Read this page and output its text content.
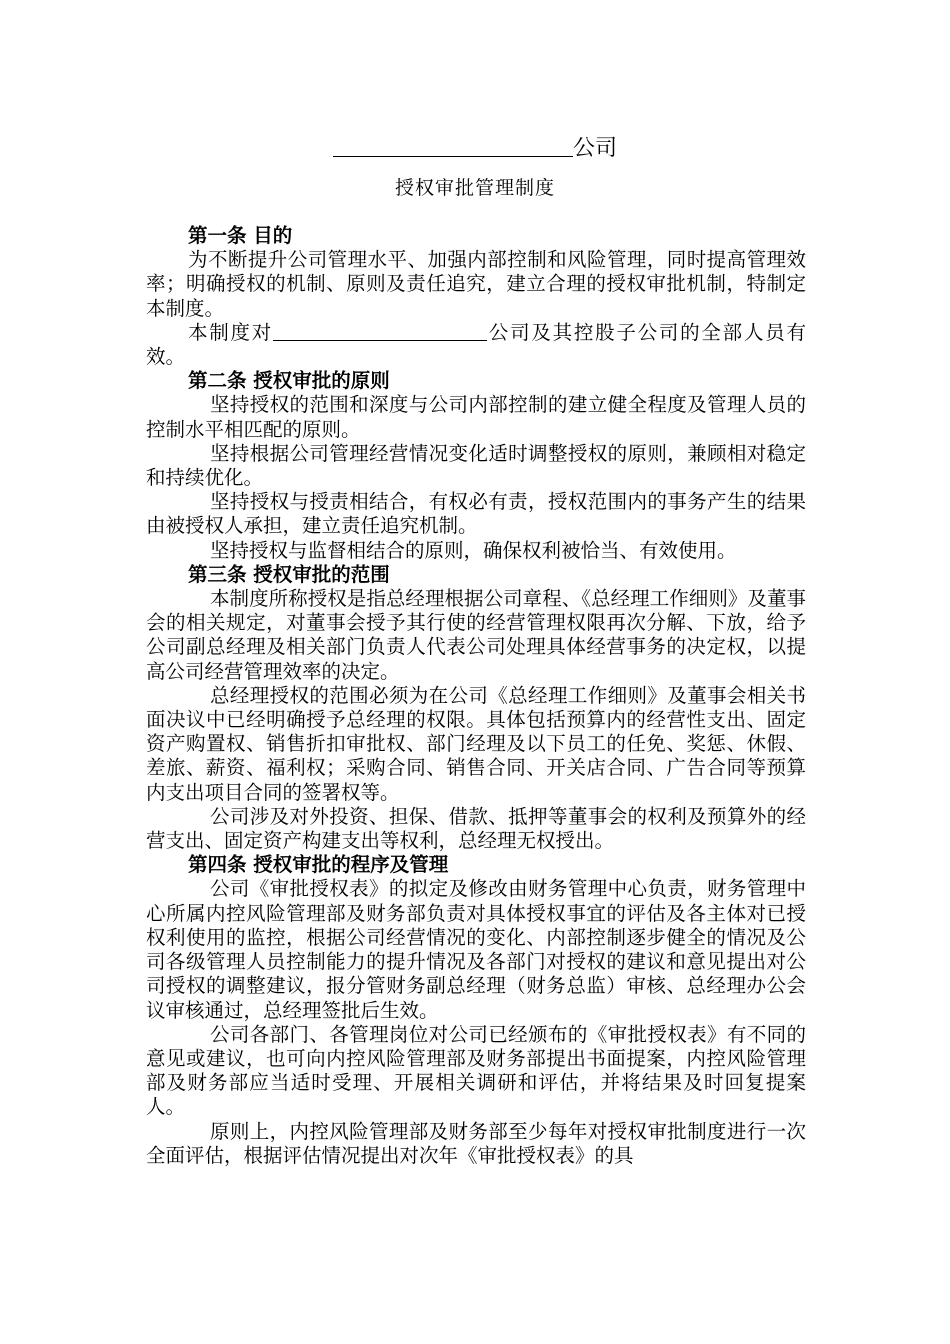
公司
授权审批管理制度

第一条 目的

为不断提升公司管理水平、加强内部控制和风险管理，同时提高管理效率；明确授权的机制、原则及责任追究，建立合理的授权审批机制，特制定本制度。

本制度对	公司及其控股子公司的全部人员有效。

第二条 授权审批的原则

坚持授权的范围和深度与公司内部控制的建立健全程度及管理人员的控制水平相匹配的原则。

坚持根据公司管理经营情况变化适时调整授权的原则，兼顾相对稳定 和持续优化。

坚持授权与授责相结合，有权必有责，授权范围内的事务产生的结果由被授权人承担，建立责任追究机制。

坚持授权与监督相结合的原则，确保权利被恰当、有效使用。

第三条 授权审批的范围

本制度所称授权是指总经理根据公司章程、《总经理工作细则》及董事会的相关规定，对董事会授予其行使的经营管理权限再次分解、下放，给予公司副总经理及相关部门负责人代表公司处理具体经营事务的决定权，以提高公司经营管理效率的决定。

总经理授权的范围必须为在公司《总经理工作细则》及董事会相关书面决议中已经明确授予总经理的权限。具体包括预算内的经营性支出、固定资产购置权、销售折扣审批权、部门经理及以下员工的任免、奖惩、休假、差旅、薪资、福利权；采购合同、销售合同、开关店合同、广告合同等预算内支出项目合同的签署权等。

公司涉及对外投资、担保、借款、抵押等董事会的权利及预算外的经营支出、固定资产构建支出等权利，总经理无权授出。

第四条 授权审批的程序及管理

公司《审批授权表》的拟定及修改由财务管理中心负责，财务管理中心所属内控风险管理部及财务部负责对具体授权事宜的评估及各主体对已授权利使用的监控，根据公司经营情况的变化、内部控制逐步健全的情况及公司各级管理人员控制能力的提升情况及各部门对授权的建议和意见提出对公司授权的调整建议，报分管财务副总经理（财务总监）审核、总经理办公会议审核通过，总经理签批后生效。

公司各部门、各管理岗位对公司已经颁布的《审批授权表》有不同的意见或建议，也可向内控风险管理部及财务部提出书面提案，内控风险管理部及财务部应当适时受理、开展相关调研和评估，并将结果及时回复提案人。

原则上，内控风险管理部及财务部至少每年对授权审批制度进行一次全面评估，根据评估情况提出对次年《审批授权表》的具
